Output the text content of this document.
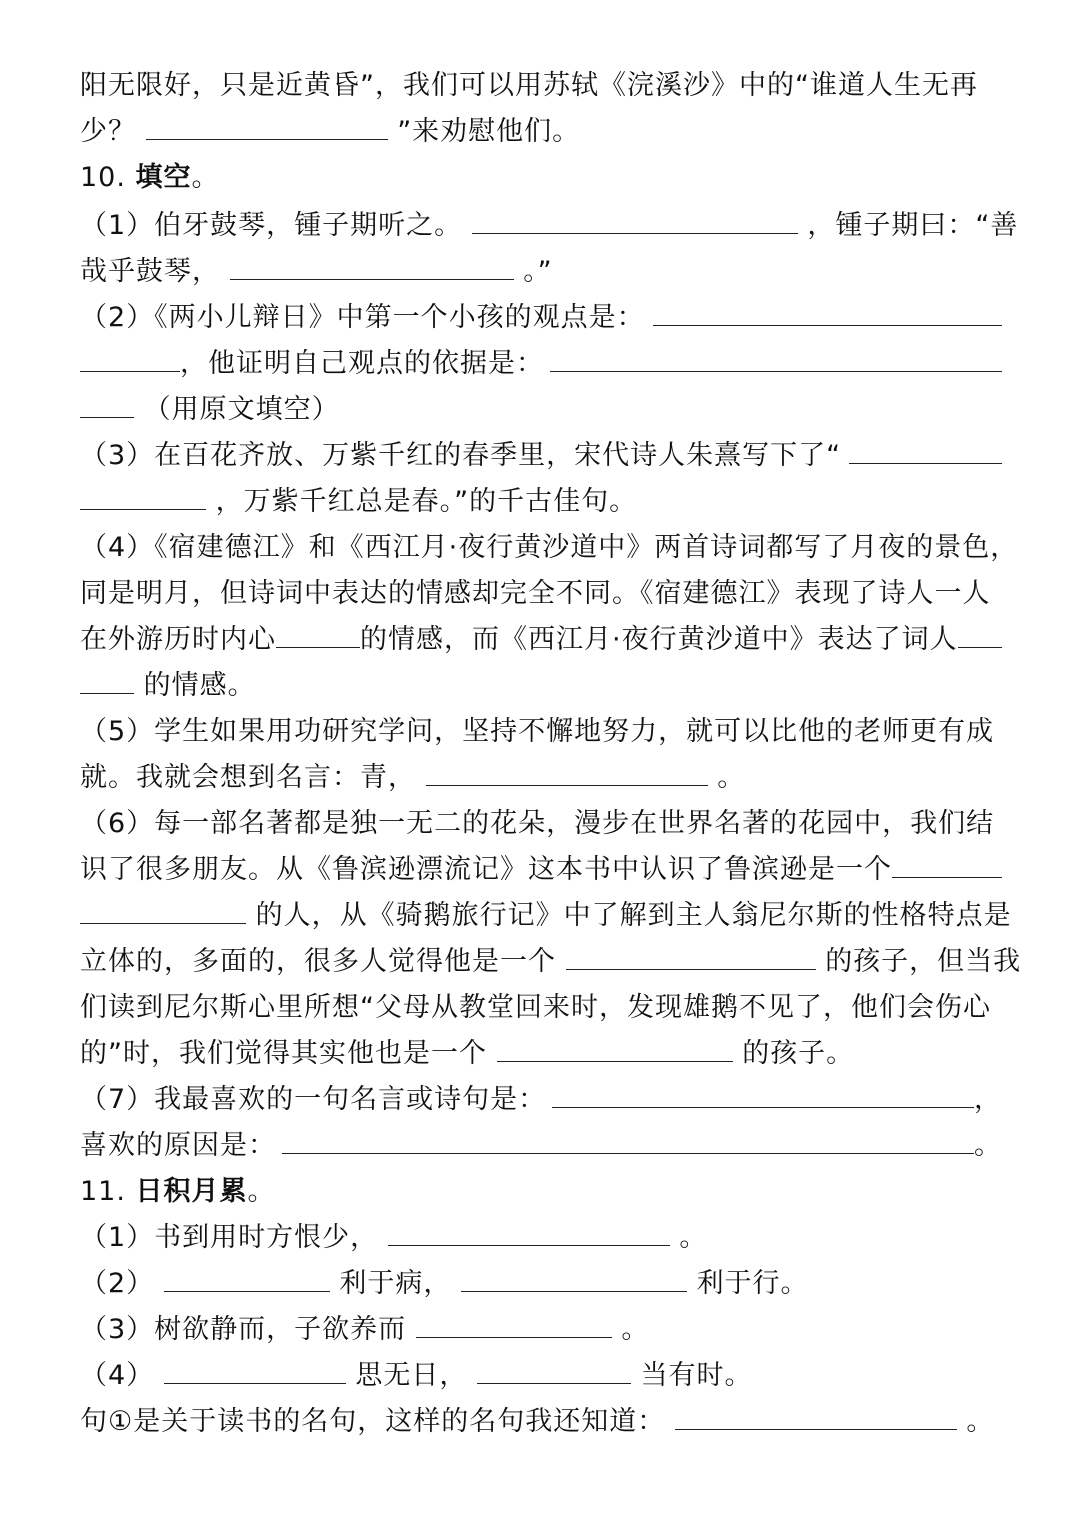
阳无限好，只是近黄昏”，我们可以用苏轼《浣溪沙》中的“谁道人生无再
少？	”来劝慰他们。
10. 填空。
（1）伯牙鼓琴，锺子期听之。	，锺子期曰：“善
哉乎鼓琴，	。”
（2）《两小儿辩日》中第一个小孩的观点是：
，他证明自己观点的依据是：
（用原文填空）
（3）在百花齐放、万紫千红的春季里，宋代诗人朱熹写下了“
，万紫千红总是春。”的千古佳句。
（4）《宿建德江》和《西江月·夜行黄沙道中》两首诗词都写了月夜的景色，
同是明月，但诗词中表达的情感却完全不同。《宿建德江》表现了诗人一人
在外游历时内心	的情感，而《西江月·夜行黄沙道中》表达了词人
的情感。
（5）学生如果用功研究学问，坚持不懈地努力，就可以比他的老师更有成
就。我就会想到名言：青，	。
（6）每一部名著都是独一无二的花朵，漫步在世界名著的花园中，我们结
识了很多朋友。从《鲁滨逊漂流记》这本书中认识了鲁滨逊是一个
的人，从《骑鹅旅行记》中了解到主人翁尼尔斯的性格特点是
立体的，多面的，很多人觉得他是一个	的孩子，但当我
们读到尼尔斯心里所想“父母从教堂回来时，发现雄鹅不见了，他们会伤心
的”时，我们觉得其实他也是一个	的孩子。
（7）我最喜欢的一句名言或诗句是：	，
喜欢的原因是：	。
11. 日积月累。
（1）书到用时方恨少，	。
（2）	利于病，	利于行。
（3）树欲静而，子欲养而	。
（4）	思无日，	当有时。
句①是关于读书的名句，这样的名句我还知道：	。
